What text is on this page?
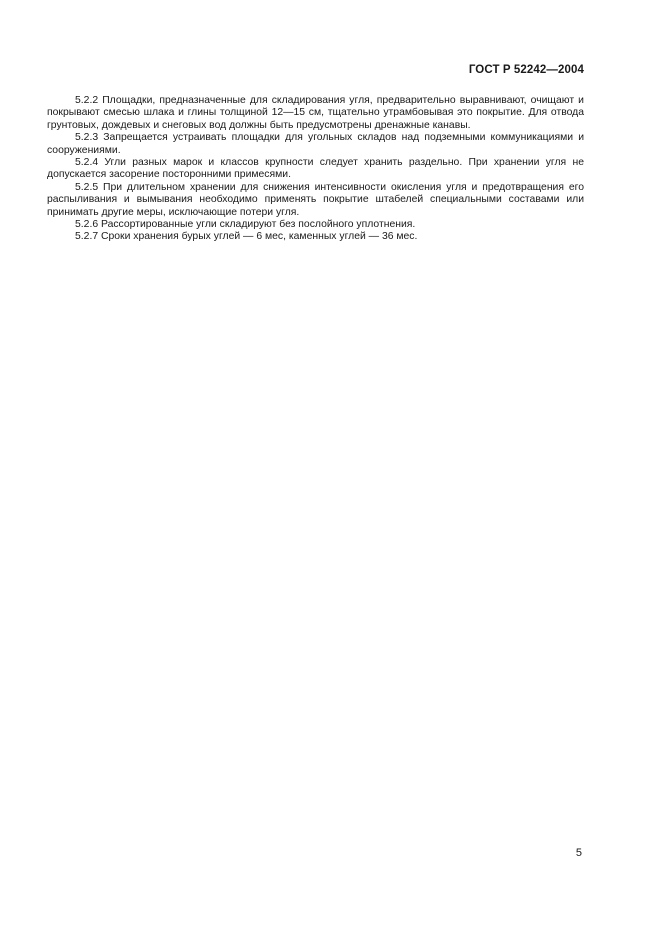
ГОСТ Р 52242—2004

5.2.2 Площадки, предназначенные для складирования угля, предварительно выравнивают, очищают и покрывают смесью шлака и глины толщиной 12—15 см, тщательно утрамбовывая это покрытие. Для отвода грунтовых, дождевых и снеговых вод должны быть предусмотрены дренажные канавы.

5.2.3 Запрещается устраивать площадки для угольных складов над подземными коммуникациями и сооружениями.

5.2.4 Угли разных марок и классов крупности следует хранить раздельно. При хранении угля не допускается засорение посторонними примесями.

5.2.5 При длительном хранении для снижения интенсивности окисления угля и предотвращения его распыливания и вымывания необходимо применять покрытие штабелей специальными составами или принимать другие меры, исключающие потери угля.

5.2.6 Рассортированные угли складируют без послойного уплотнения.

5.2.7 Сроки хранения бурых углей — 6 мес, каменных углей — 36 мес.

5
